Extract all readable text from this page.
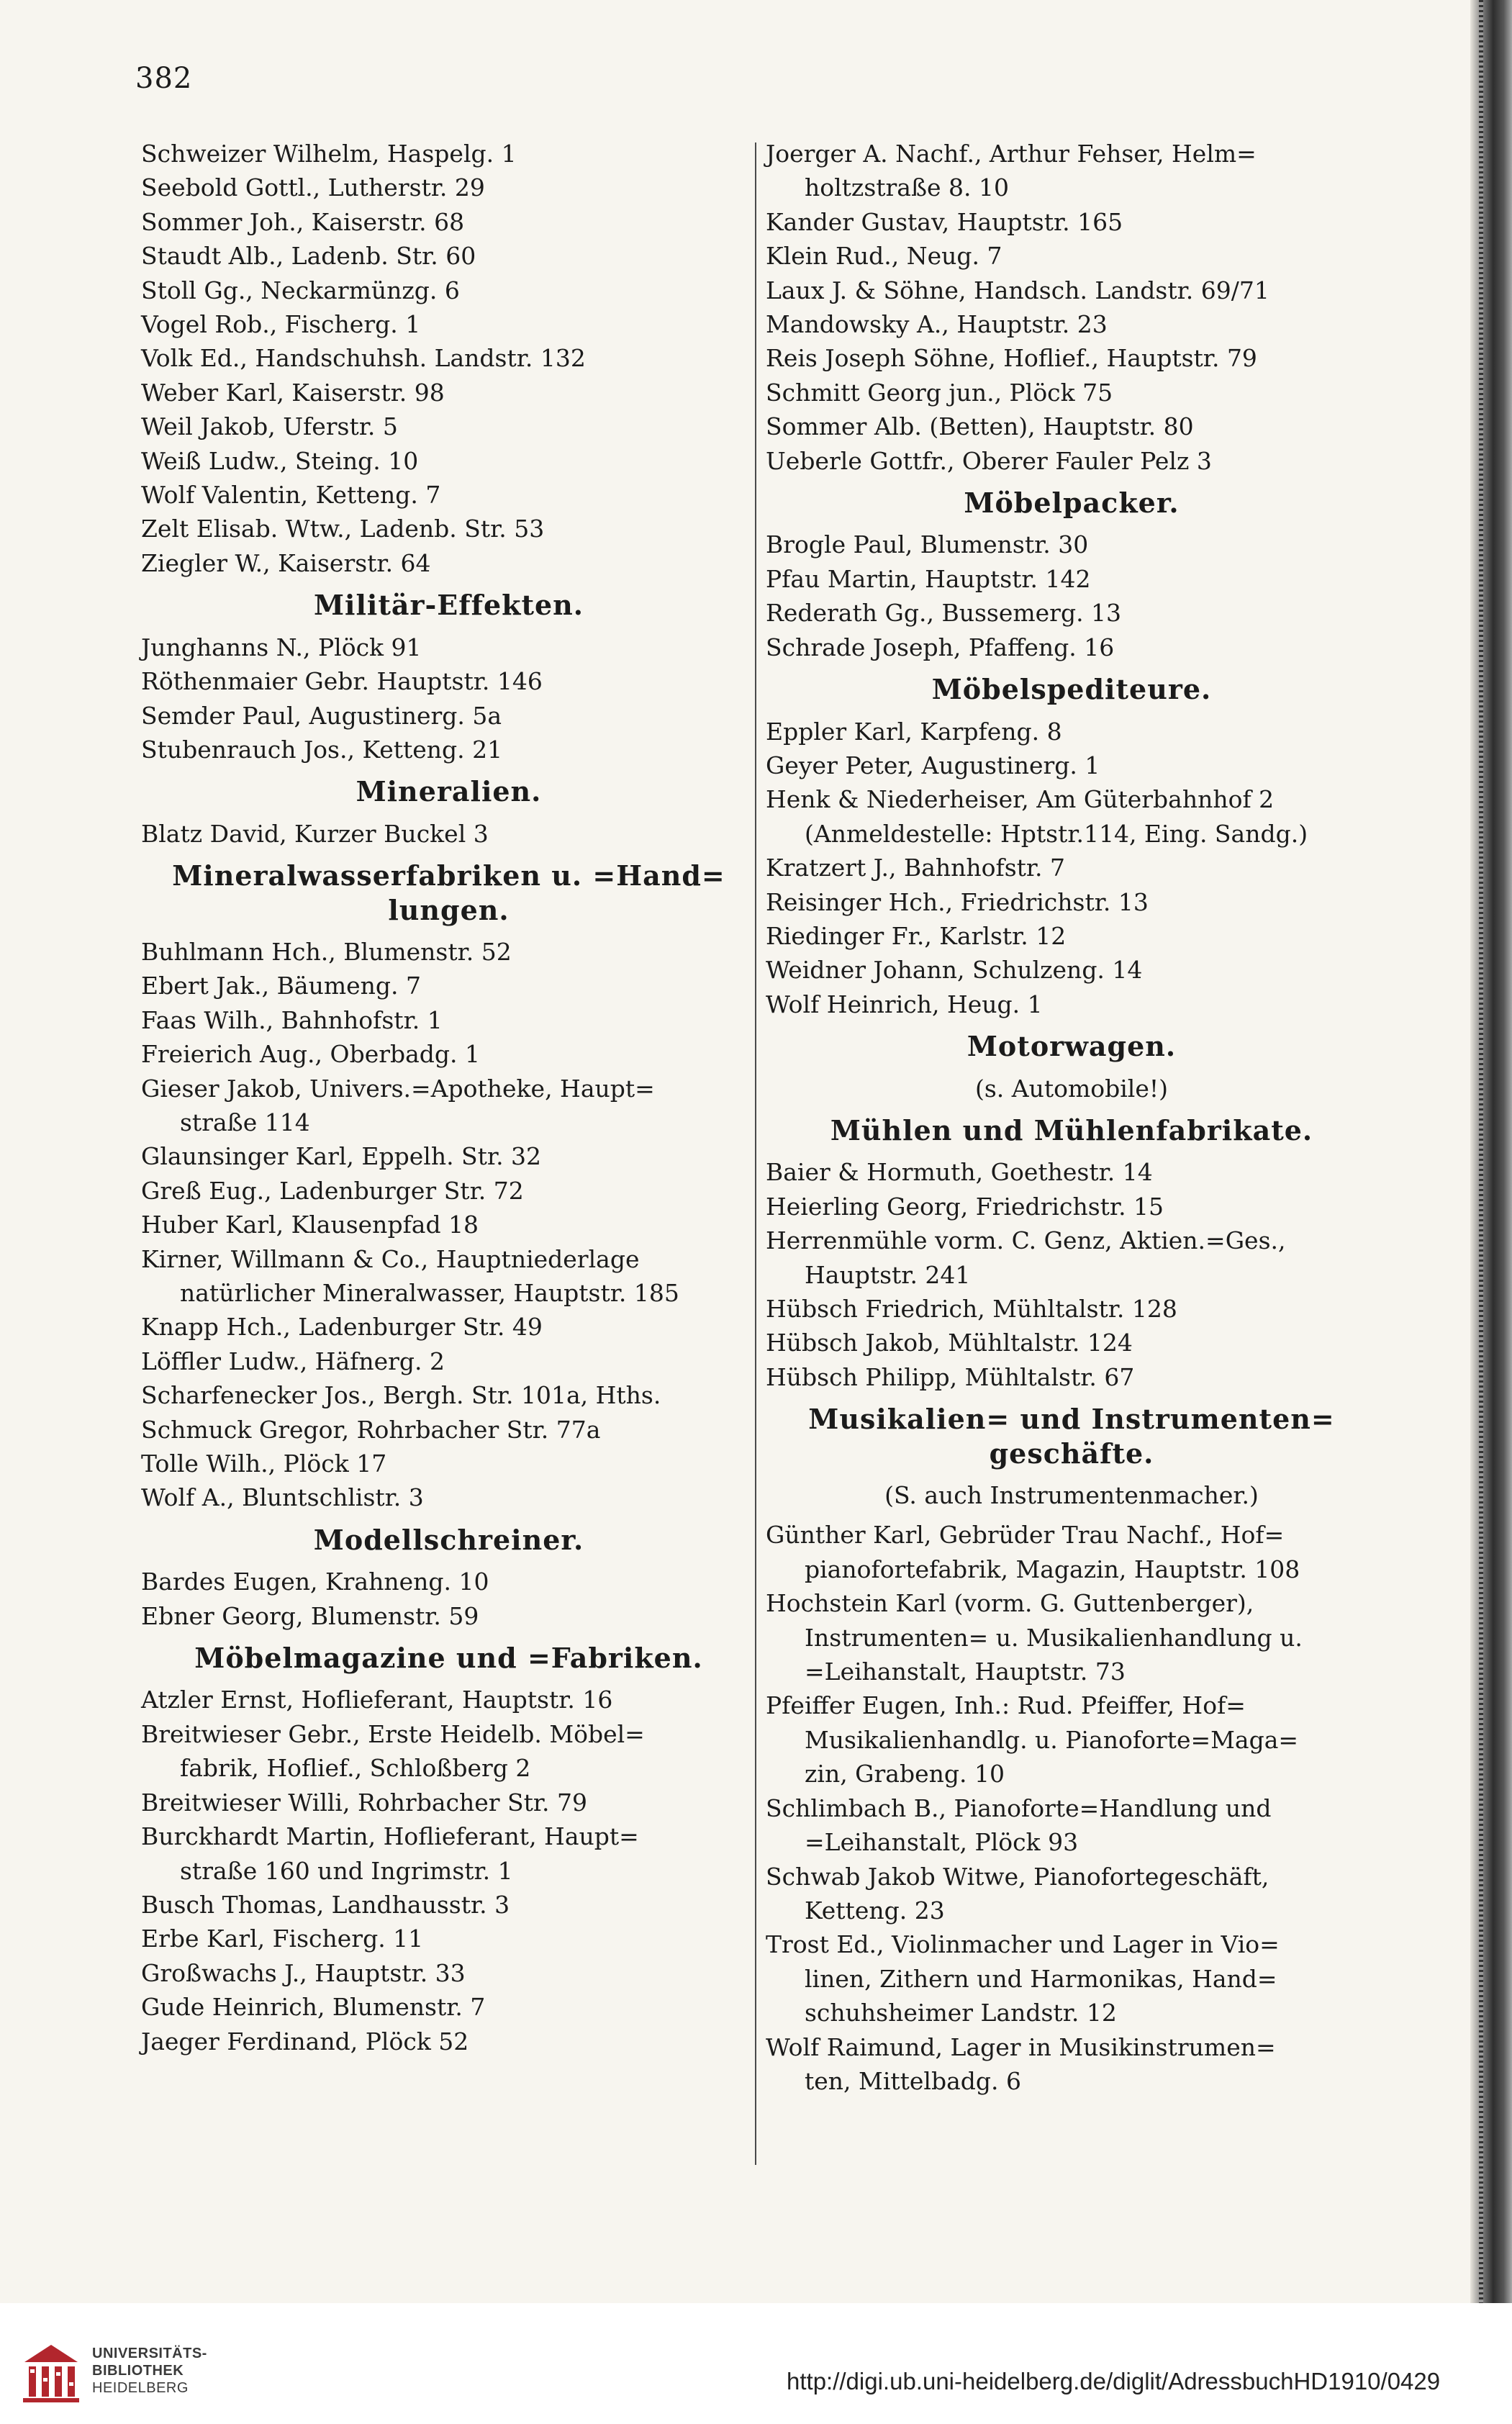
382
Schweizer Wilhelm, Haspelg. 1
Seebold Gottl., Lutherstr. 29
Sommer Joh., Kaiserstr. 68
Staudt Alb., Ladenb. Str. 60
Stoll Gg., Neckarmünzg. 6
Vogel Rob., Fischerg. 1
Volk Ed., Handschuhsh. Landstr. 132
Weber Karl, Kaiserstr. 98
Weil Jakob, Uferstr. 5
Weiß Ludw., Steing. 10
Wolf Valentin, Ketteng. 7
Zelt Elisab. Wtw., Ladenb. Str. 53
Ziegler W., Kaiserstr. 64
Militär-Effekten.
Junghanns N., Plöck 91
Röthenmaier Gebr. Hauptstr. 146
Semder Paul, Augustinerg. 5a
Stubenrauch Jos., Ketteng. 21
Mineralien.
Blatz David, Kurzer Buckel 3
Mineralwasserfabriken u. =Hand=
lungen.
Buhlmann Hch., Blumenstr. 52
Ebert Jak., Bäumeng. 7
Faas Wilh., Bahnhofstr. 1
Freierich Aug., Oberbadg. 1
Gieser Jakob, Univers.=Apotheke, Haupt=
straße 114
Glaunsinger Karl, Eppelh. Str. 32
Greß Eug., Ladenburger Str. 72
Huber Karl, Klausenpfad 18
Kirner, Willmann & Co., Hauptniederlage
natürlicher Mineralwasser, Hauptstr. 185
Knapp Hch., Ladenburger Str. 49
Löffler Ludw., Häfnerg. 2
Scharfenecker Jos., Bergh. Str. 101a, Hths.
Schmuck Gregor, Rohrbacher Str. 77a
Tolle Wilh., Plöck 17
Wolf A., Bluntschlistr. 3
Modellschreiner.
Bardes Eugen, Krahneng. 10
Ebner Georg, Blumenstr. 59
Möbelmagazine und =Fabriken.
Atzler Ernst, Hoflieferant, Hauptstr. 16
Breitwieser Gebr., Erste Heidelb. Möbel=
fabrik, Hoflief., Schloßberg 2
Breitwieser Willi, Rohrbacher Str. 79
Burckhardt Martin, Hoflieferant, Haupt=
straße 160 und Ingrimstr. 1
Busch Thomas, Landhausstr. 3
Erbe Karl, Fischerg. 11
Großwachs J., Hauptstr. 33
Gude Heinrich, Blumenstr. 7
Jaeger Ferdinand, Plöck 52
Joerger A. Nachf., Arthur Fehser, Helm=
holtzstraße 8. 10
Kander Gustav, Hauptstr. 165
Klein Rud., Neug. 7
Laux J. & Söhne, Handsch. Landstr. 69/71
Mandowsky A., Hauptstr. 23
Reis Joseph Söhne, Hoflief., Hauptstr. 79
Schmitt Georg jun., Plöck 75
Sommer Alb. (Betten), Hauptstr. 80
Ueberle Gottfr., Oberer Fauler Pelz 3
Möbelpacker.
Brogle Paul, Blumenstr. 30
Pfau Martin, Hauptstr. 142
Rederath Gg., Bussemerg. 13
Schrade Joseph, Pfaffeng. 16
Möbelspediteure.
Eppler Karl, Karpfeng. 8
Geyer Peter, Augustinerg. 1
Henk & Niederheiser, Am Güterbahnhof 2
(Anmeldestelle: Hptstr.114, Eing. Sandg.)
Kratzert J., Bahnhofstr. 7
Reisinger Hch., Friedrichstr. 13
Riedinger Fr., Karlstr. 12
Weidner Johann, Schulzeng. 14
Wolf Heinrich, Heug. 1
Motorwagen.
(s. Automobile!)
Mühlen und Mühlenfabrikate.
Baier & Hormuth, Goethestr. 14
Heierling Georg, Friedrichstr. 15
Herrenmühle vorm. C. Genz, Aktien.=Ges.,
Hauptstr. 241
Hübsch Friedrich, Mühltalstr. 128
Hübsch Jakob, Mühltalstr. 124
Hübsch Philipp, Mühltalstr. 67
Musikalien= und Instrumenten=
geschäfte.
(S. auch Instrumentenmacher.)
Günther Karl, Gebrüder Trau Nachf., Hof=
pianofortefabrik, Magazin, Hauptstr. 108
Hochstein Karl (vorm. G. Guttenberger),
Instrumenten= u. Musikalienhandlung u.
=Leihanstalt, Hauptstr. 73
Pfeiffer Eugen, Inh.: Rud. Pfeiffer, Hof=
Musikalienhandlg. u. Pianoforte=Maga=
zin, Grabeng. 10
Schlimbach B., Pianoforte=Handlung und
=Leihanstalt, Plöck 93
Schwab Jakob Witwe, Pianofortegeschäft,
Ketteng. 23
Trost Ed., Violinmacher und Lager in Vio=
linen, Zithern und Harmonikas, Hand=
schuhsheimer Landstr. 12
Wolf Raimund, Lager in Musikinstrumen=
ten, Mittelbadg. 6
UNIVERSITÄTS-
BIBLIOTHEK
HEIDELBERG	http://digi.ub.uni-heidelberg.de/diglit/AdressbuchHD1910/0429
